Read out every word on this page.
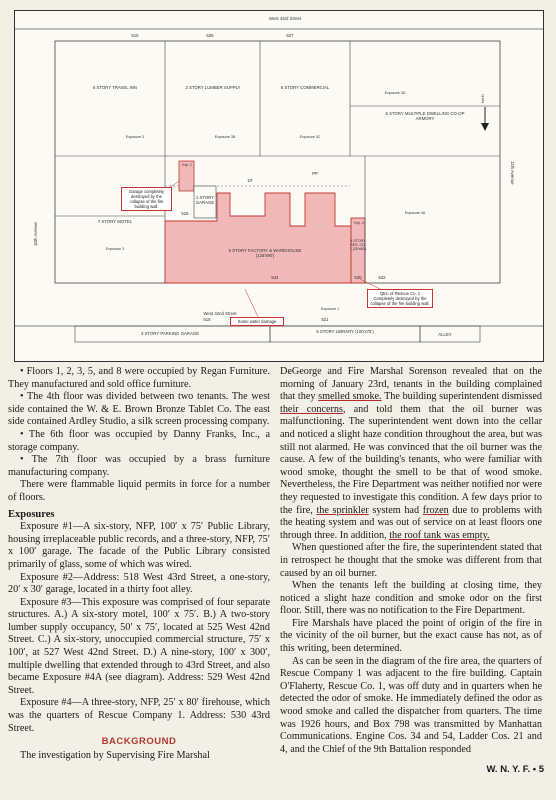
West 43rd Street
West 42nd Street
10th Avenue
11th Avenue
ALLEY
PP
10'
North
515	525	527
516
534	530	532
515	521
6 STORY TRAVEL INN	2 STORY LUMBER SUPPLY	6 STORY COMMERCIAL
6 STORY MULTIPLE DWELLING CO-OP ARMORY
1 STORY GARAGE
7 STORY MOTEL
6 STORY FACTORY & WAREHOUSE (125'x90')
6 STORY RES. CO. 1 (25'x80')
3 STORY PARKING GARAGE	6 STORY LIBRARY (100'x75')
Exposure 3	Exposure 3B	Exposure 3C
Exposure 3D
Exposure 4A
Exposure 3
Exposure 1
Exp. 4
Exp. 2
Garage completely destroyed by the collapse of the fire building wall.
Qtrs. of Rescue Co. 1 Completely destroyed by the collapse of the fire building wall.
Some water damage

• Floors 1, 2, 3, 5, and 8 were occupied by Regan Furniture. They manufactured and sold office furniture.

• The 4th floor was divided between two tenants. The west side contained the W. & E. Brown Bronze Tablet Co. The east side contained Ardley Studio, a silk screen processing company.

• The 6th floor was occupied by Danny Franks, Inc., a storage company.

• The 7th floor was occupied by a brass furniture manufacturing company.

There were flammable liquid permits in force for a number of floors.

Exposures

Exposure #1—A six-story, NFP, 100′ x 75′ Public Library, housing irreplaceable public records, and a three-story, NFP, 75′ x 100′ garage. The facade of the Public Library consisted primarily of glass, some of which was wired.

Exposure #2—Address: 518 West 43rd Street, a one-story, 20′ x 30′ garage, located in a thirty foot alley.

Exposure #3—This exposure was comprised of four separate structures. A.) A six-story motel, 100′ x 75′. B.) A two-story lumber supply occupancy, 50′ x 75′, located at 525 West 42nd Street. C.) A six-story, unoccupied commercial structure, 75′ x 100′, at 527 West 42nd Street. D.) A nine-story, 100′ x 300′, multiple dwelling that extended through to 43rd Street, and also became Exposure #4A (see diagram). Address: 529 West 42nd Street.

Exposure #4—A three-story, NFP, 25′ x 80′ firehouse, which was the quarters of Rescue Company 1. Address: 530 43rd Street.

BACKGROUND

The investigation by Supervising Fire Marshal

DeGeorge and Fire Marshal Sorenson revealed that on the morning of January 23rd, tenants in the building complained that they smelled smoke. The building superintendent dismissed their concerns, and told them that the oil burner was malfunctioning. The superintendent went down into the cellar and noticed a slight haze condition throughout the area, but was still not alarmed. He was convinced that the oil burner was the cause. A few of the building's tenants, who were familiar with wood smoke, thought the smell to be that of wood smoke. Nevertheless, the Fire Department was neither notified nor were they requested to investigate this condition. A few days prior to the fire, the sprinkler system had frozen due to problems with the heating system and was out of service on at least floors one through three. In addition, the roof tank was empty.

When questioned after the fire, the superintendent stated that in retrospect he thought that the smoke was different from that caused by an oil burner.

When the tenants left the building at closing time, they noticed a slight haze condition and smoke odor on the first floor. Still, there was no notification to the Fire Department.

Fire Marshals have placed the point of origin of the fire in the vicinity of the oil burner, but the exact cause has not, as of this writing, been determined.

As can be seen in the diagram of the fire area, the quarters of Rescue Company 1 was adjacent to the fire building. Captain O'Flaherty, Rescue Co. 1, was off duty and in quarters when he detected the odor of smoke. He immediately defined the odor as wood smoke and called the dispatcher from quarters. The time was 1926 hours, and Box 798 was transmitted by Manhattan Communications. Engine Cos. 34 and 54, Ladder Cos. 21 and 4, and the Chief of the 9th Battalion responded

W. N. Y. F. • 5
